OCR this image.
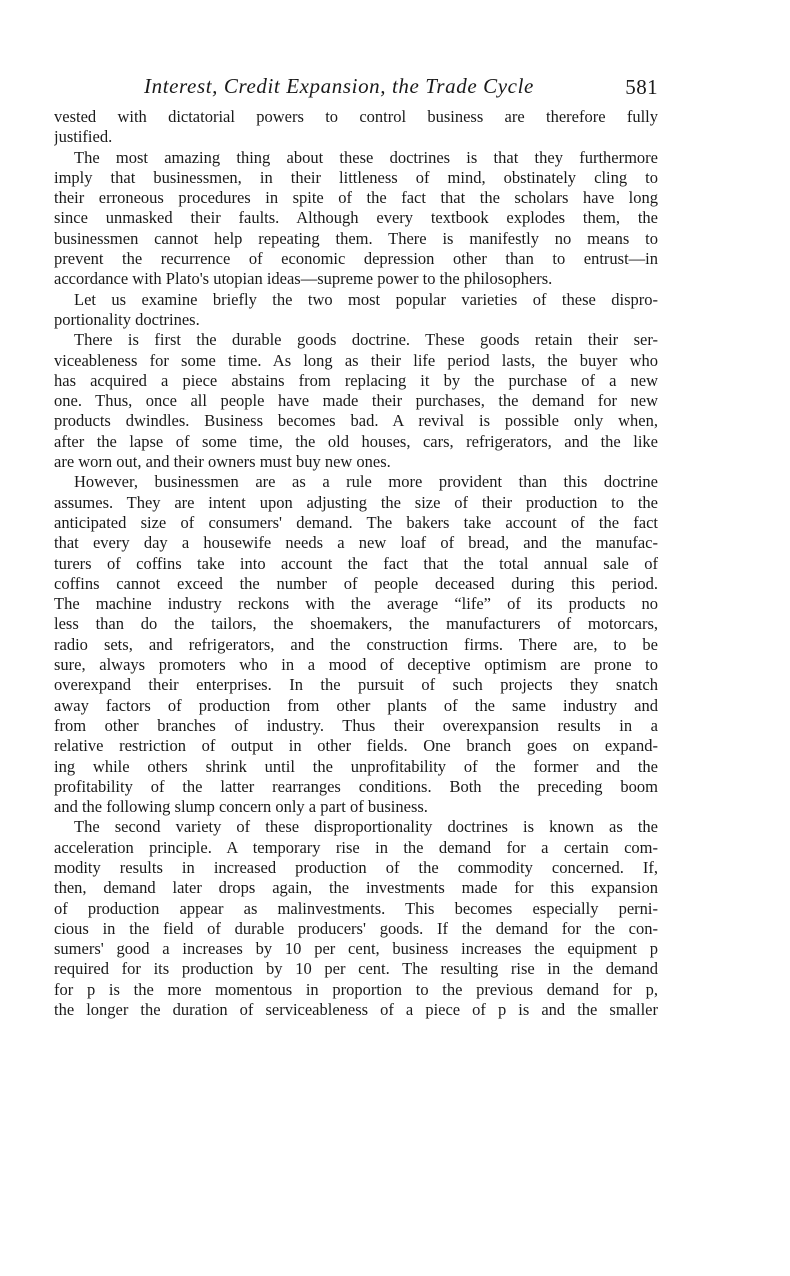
Interest, Credit Expansion, the Trade Cycle	581
vested with dictatorial powers to control business are therefore fully
justified.
The most amazing thing about these doctrines is that they furthermore
imply that businessmen, in their littleness of mind, obstinately cling to
their erroneous procedures in spite of the fact that the scholars have long
since unmasked their faults. Although every textbook explodes them, the
businessmen cannot help repeating them. There is manifestly no means to
prevent the recurrence of economic depression other than to entrust—in
accordance with Plato's utopian ideas—supreme power to the philosophers.
Let us examine briefly the two most popular varieties of these dispro-
portionality doctrines.
There is first the durable goods doctrine. These goods retain their ser-
viceableness for some time. As long as their life period lasts, the buyer who
has acquired a piece abstains from replacing it by the purchase of a new
one. Thus, once all people have made their purchases, the demand for new
products dwindles. Business becomes bad. A revival is possible only when,
after the lapse of some time, the old houses, cars, refrigerators, and the like
are worn out, and their owners must buy new ones.
However, businessmen are as a rule more provident than this doctrine
assumes. They are intent upon adjusting the size of their production to the
anticipated size of consumers' demand. The bakers take account of the fact
that every day a housewife needs a new loaf of bread, and the manufac-
turers of coffins take into account the fact that the total annual sale of
coffins cannot exceed the number of people deceased during this period.
The machine industry reckons with the average “life” of its products no
less than do the tailors, the shoemakers, the manufacturers of motorcars,
radio sets, and refrigerators, and the construction firms. There are, to be
sure, always promoters who in a mood of deceptive optimism are prone to
overexpand their enterprises. In the pursuit of such projects they snatch
away factors of production from other plants of the same industry and
from other branches of industry. Thus their overexpansion results in a
relative restriction of output in other fields. One branch goes on expand-
ing while others shrink until the unprofitability of the former and the
profitability of the latter rearranges conditions. Both the preceding boom
and the following slump concern only a part of business.
The second variety of these disproportionality doctrines is known as the
acceleration principle. A temporary rise in the demand for a certain com-
modity results in increased production of the commodity concerned. If,
then, demand later drops again, the investments made for this expansion
of production appear as malinvestments. This becomes especially perni-
cious in the field of durable producers' goods. If the demand for the con-
sumers' good a increases by 10 per cent, business increases the equipment p
required for its production by 10 per cent. The resulting rise in the demand
for p is the more momentous in proportion to the previous demand for p,
the longer the duration of serviceableness of a piece of p is and the smaller
